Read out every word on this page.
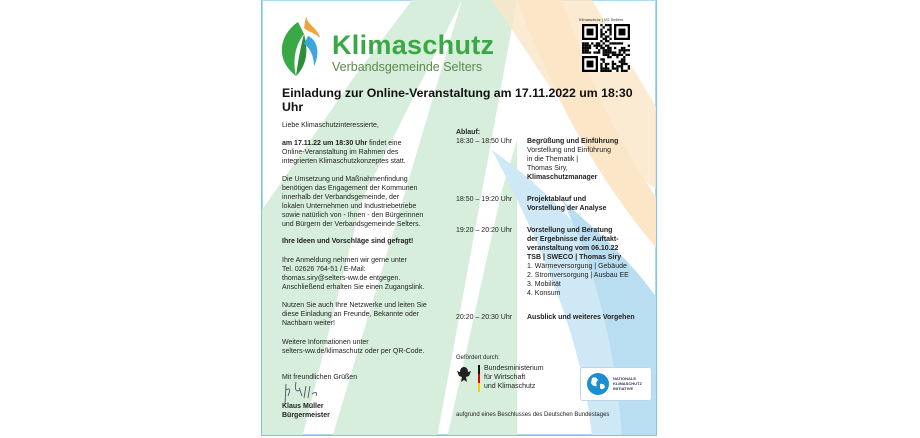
Klimaschutz
Verbandsgemeinde Selters
Klimaschutz | VG Selters
Einladung zur Online-Veranstaltung am 17.11.2022 um 18:30 Uhr
Liebe Klimaschutzinteressierte,
am 17.11.22 um 18:30 Uhr findet eine
Gefördert durch:
NATIONALE
KLIMASCHUTZ
INITIATIVE
aufgrund eines Beschlusses des Deutschen Bundestages
Online-Veranstaltung im Rahmen des
integrierten Klimaschutzkonzeptes statt.
Die Umsetzung und Maßnahmenfindung
benötigen das Engagement der Kommunen
innerhalb der Verbandsgemeinde, der
lokalen Unternehmen und Industriebetriebe
sowie natürlich von - Ihnen - den Bürgerinnen
und Bürgern der Verbandsgemeinde Selters.
Ihre Ideen und Vorschläge sind gefragt!
Ihre Anmeldung nehmen wir gerne unter
Tel. 02626 764-51 / E-Mail:
thomas.siry@selters-ww.de entgegen.
Anschließend erhalten Sie einen Zugangslink.
Nutzen Sie auch Ihre Netzwerke und leiten Sie
diese Einladung an Freunde, Bekannte oder
Nachbarn weiter!
Weitere Informationen unter
selters-ww.de/klimaschutz oder per QR-Code.
Mit freundlichen Grüßen
Klaus Müller
Bürgermeister
Ablauf:
18:30 – 18:50 Uhr Begrüßung und Einführung
Vorstellung und Einführung
in die Thematik |
Thomas Siry,
Klimaschutzmanager
18:50 – 19:20 Uhr Projektablauf und
Vorstellung der Analyse
19:20 – 20:20 Uhr Vorstellung und Beratung
der Ergebnisse der Auftakt-
veranstaltung vom 06.10.22
TSB | SWECO | Thomas Siry
1. Wärmeversorgung | Gebäude
2. Stromversorgung | Ausbau EE
3. Mobilität
4. Konsum
20:20 – 20:30 Uhr Ausblick und weiteres Vorgehen
Bundesministerium
für Wirtschaft
und Klimaschutz
